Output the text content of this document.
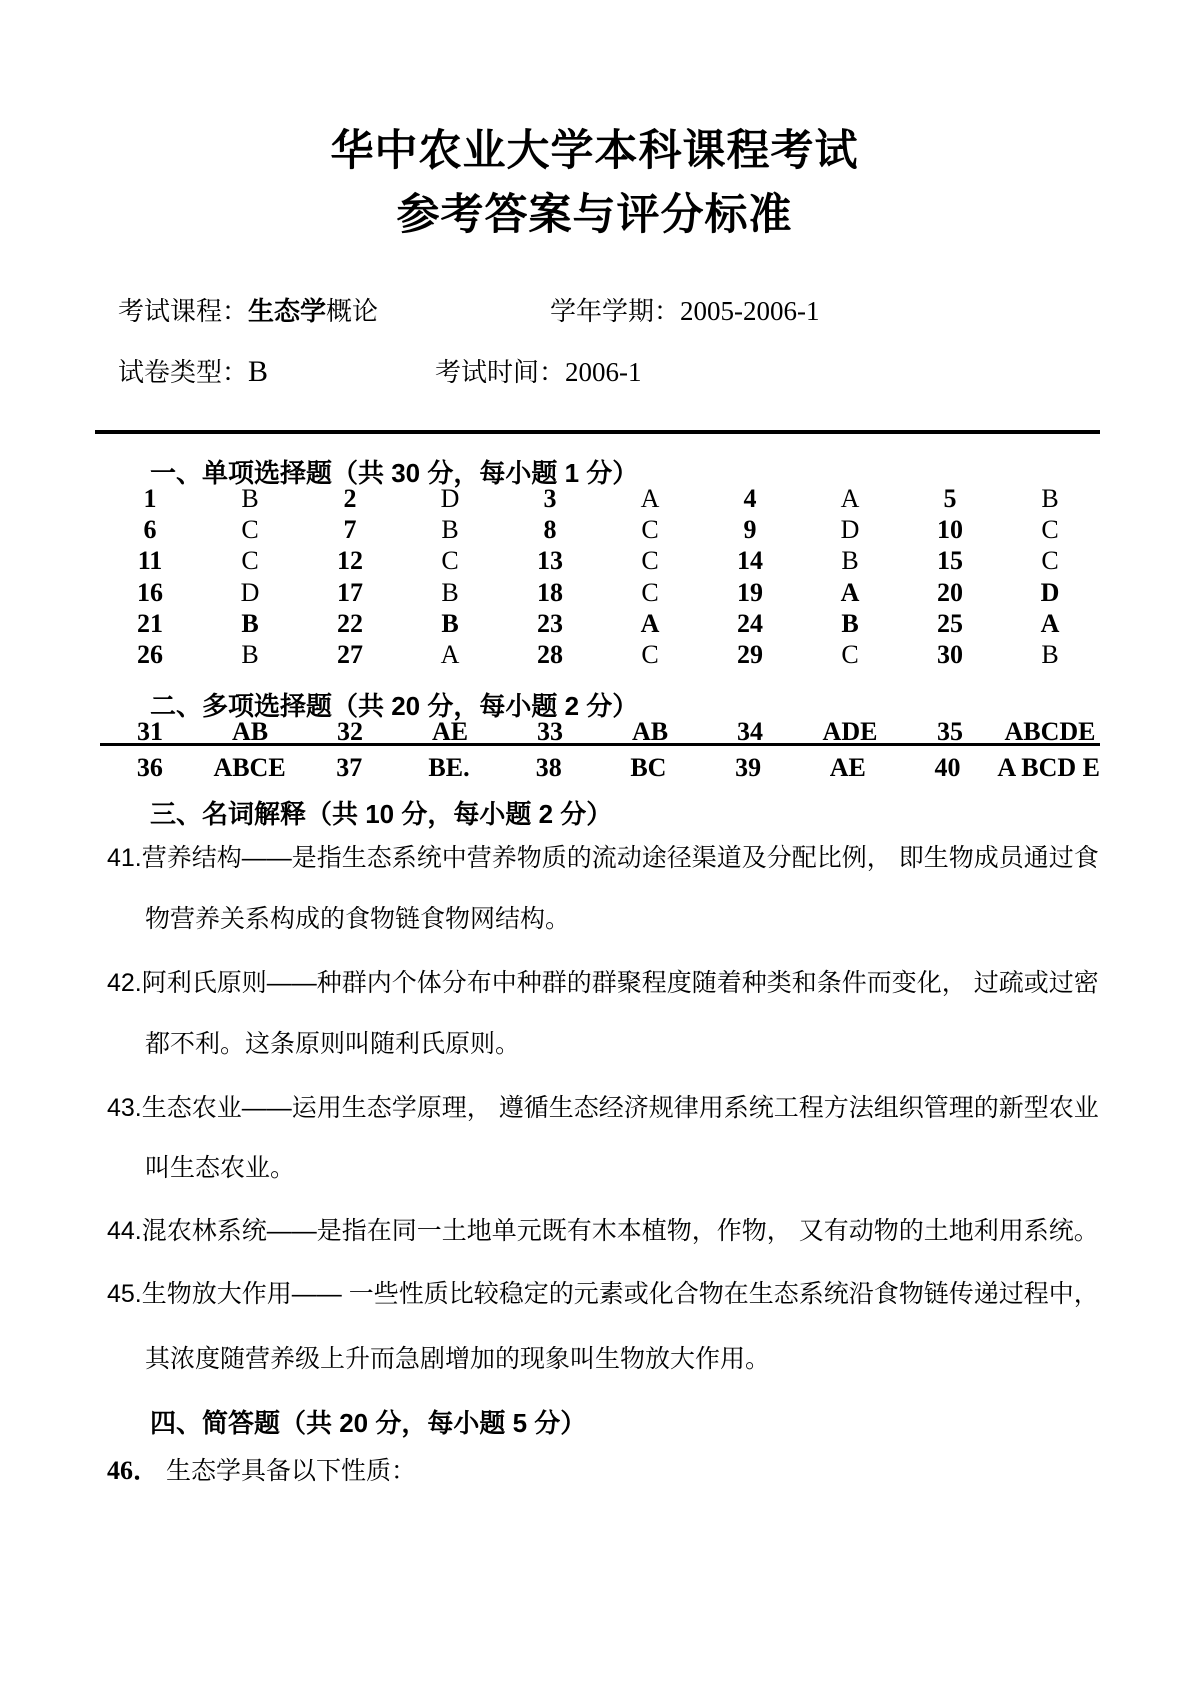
华中农业大学本科课程考试
参考答案与评分标准
考试课程：生态学概论	学年学期：2005-2006-1
试卷类型：B	考试时间：2006-1
一、单项选择题（共 30 分，每小题 1 分）
1	B	2	D	3	A	4	A	5	B
6	C	7	B	8	C	9	D	10	C
11	C	12	C	13	C	14	B	15	C
16	D	17	B	18	C	19	A	20	D
21	B	22	B	23	A	24	B	25	A
26	B	27	A	28	C	29	C	30	B
二、多项选择题（共 20 分，每小题 2 分）
31	AB	32	AE	33	AB	34	ADE	35	ABCDE
36	ABCE	37	BE.	38	BC	39	AE	40	A BCD E
三、名词解释（共 10 分，每小题 2 分）
41.营养结构——是指生态系统中营养物质的流动途径渠道及分配比例， 即生物成员通过食
物营养关系构成的食物链食物网结构。
42.阿利氏原则——种群内个体分布中种群的群聚程度随着种类和条件而变化， 过疏或过密
都不利。这条原则叫随利氏原则。
43.生态农业——运用生态学原理， 遵循生态经济规律用系统工程方法组织管理的新型农业
叫生态农业。
44.混农林系统——是指在同一土地单元既有木本植物，作物， 又有动物的土地利用系统。
45.生物放大作用—— 一些性质比较稳定的元素或化合物在生态系统沿食物链传递过程中，
其浓度随营养级上升而急剧增加的现象叫生物放大作用。
四、简答题（共 20 分，每小题 5 分）
46． 生态学具备以下性质：
